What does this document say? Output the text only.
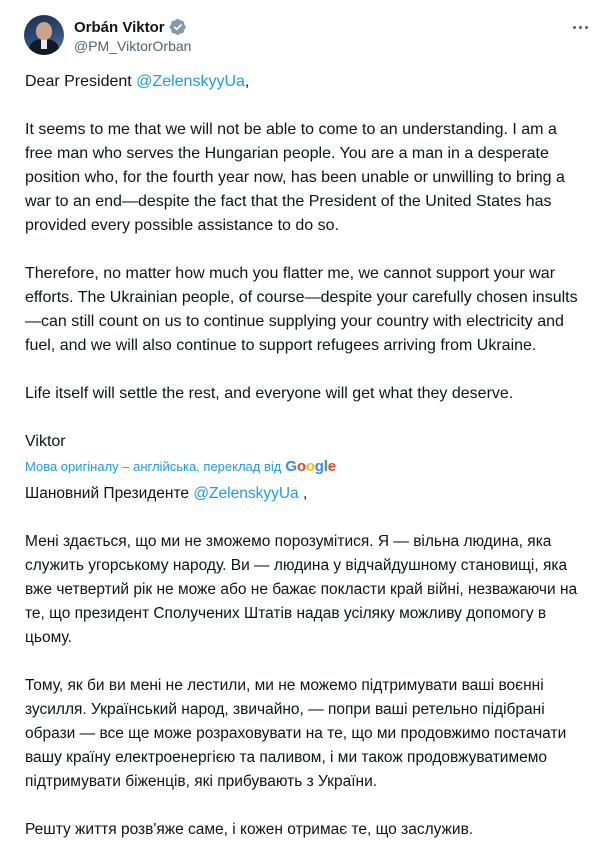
Orbán Viktor
@PM_ViktorOrban

Dear President @ZelenskyyUa,

It seems to me that we will not be able to come to an understanding. I am a free man who serves the Hungarian people. You are a man in a desperate position who, for the fourth year now, has been unable or unwilling to bring a war to an end—despite the fact that the President of the United States has provided every possible assistance to do so.

Therefore, no matter how much you flatter me, we cannot support your war efforts. The Ukrainian people, of course—despite your carefully chosen insults—can still count on us to continue supplying your country with electricity and fuel, and we will also continue to support refugees arriving from Ukraine.

Life itself will settle the rest, and everyone will get what they deserve.

Viktor

Мова оригіналу – англійська, переклад від Google

Шановний Президенте @ZelenskyyUa ,

Мені здається, що ми не зможемо порозумітися. Я — вільна людина, яка служить угорському народу. Ви — людина у відчайдушному становищі, яка вже четвертий рік не може або не бажає покласти край війні, незважаючи на те, що президент Сполучених Штатів надав усіляку можливу допомогу в цьому.

Тому, як би ви мені не лестили, ми не можемо підтримувати ваші воєнні зусилля. Український народ, звичайно, — попри ваші ретельно підібрані образи — все ще може розраховувати на те, що ми продовжимо постачати вашу країну електроенергією та паливом, і ми також продовжуватимемо підтримувати біженців, які прибувають з України.

Решту життя розв'яже саме, і кожен отримає те, що заслужив.
